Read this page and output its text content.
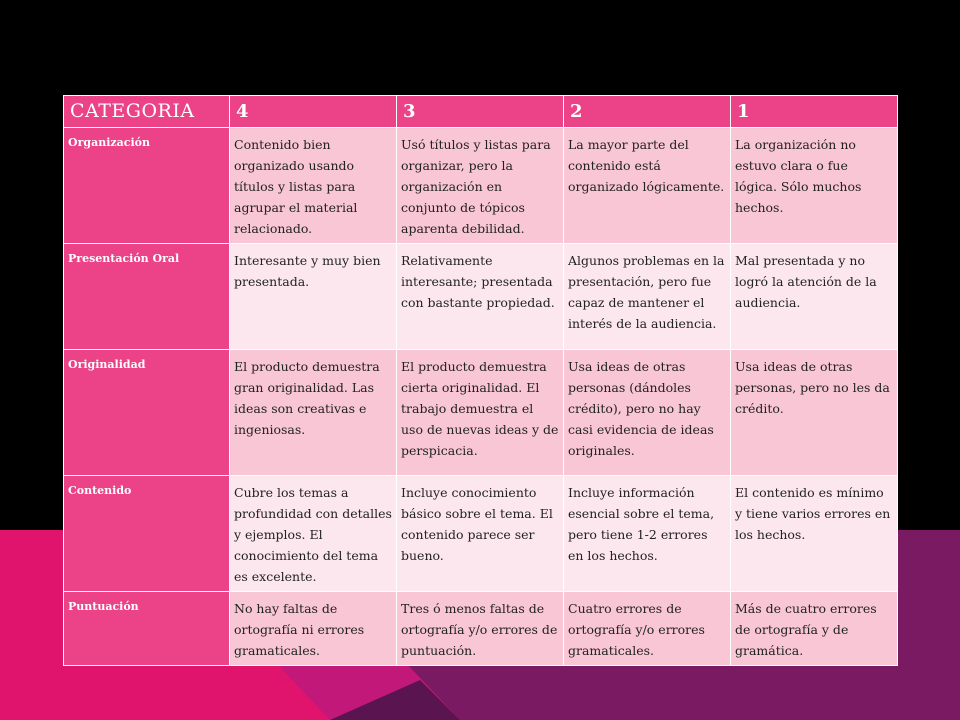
CATEGORIA	4	3	2	1
Organización	Contenido bien organizado usando títulos y listas para agrupar el material relacionado.	Usó títulos y listas para organizar, pero la organización en conjunto de tópicos aparenta debilidad.	La mayor parte del contenido está organizado lógicamente.	La organización no estuvo clara o fue lógica. Sólo muchos hechos.
Presentación Oral	Interesante y muy bien presentada.	Relativamente interesante; presentada con bastante propiedad.	Algunos problemas en la presentación, pero fue capaz de mantener el interés de la audiencia.	Mal presentada y no logró la atención de la audiencia.
Originalidad	El producto demuestra gran originalidad. Las ideas son creativas e ingeniosas.	El producto demuestra cierta originalidad. El trabajo demuestra el uso de nuevas ideas y de perspicacia.	Usa ideas de otras personas (dándoles crédito), pero no hay casi evidencia de ideas originales.	Usa ideas de otras personas, pero no les da crédito.
Contenido	Cubre los temas a profundidad con detalles y ejemplos. El conocimiento del tema es excelente.	Incluye conocimiento básico sobre el tema. El contenido parece ser bueno.	Incluye información esencial sobre el tema, pero tiene 1-2 errores en los hechos.	El contenido es mínimo y tiene varios errores en los hechos.
Puntuación	No hay faltas de ortografía ni errores gramaticales.	Tres ó menos faltas de ortografía y/o errores de puntuación.	Cuatro errores de ortografía y/o errores gramaticales.	Más de cuatro errores de ortografía y de gramática.
